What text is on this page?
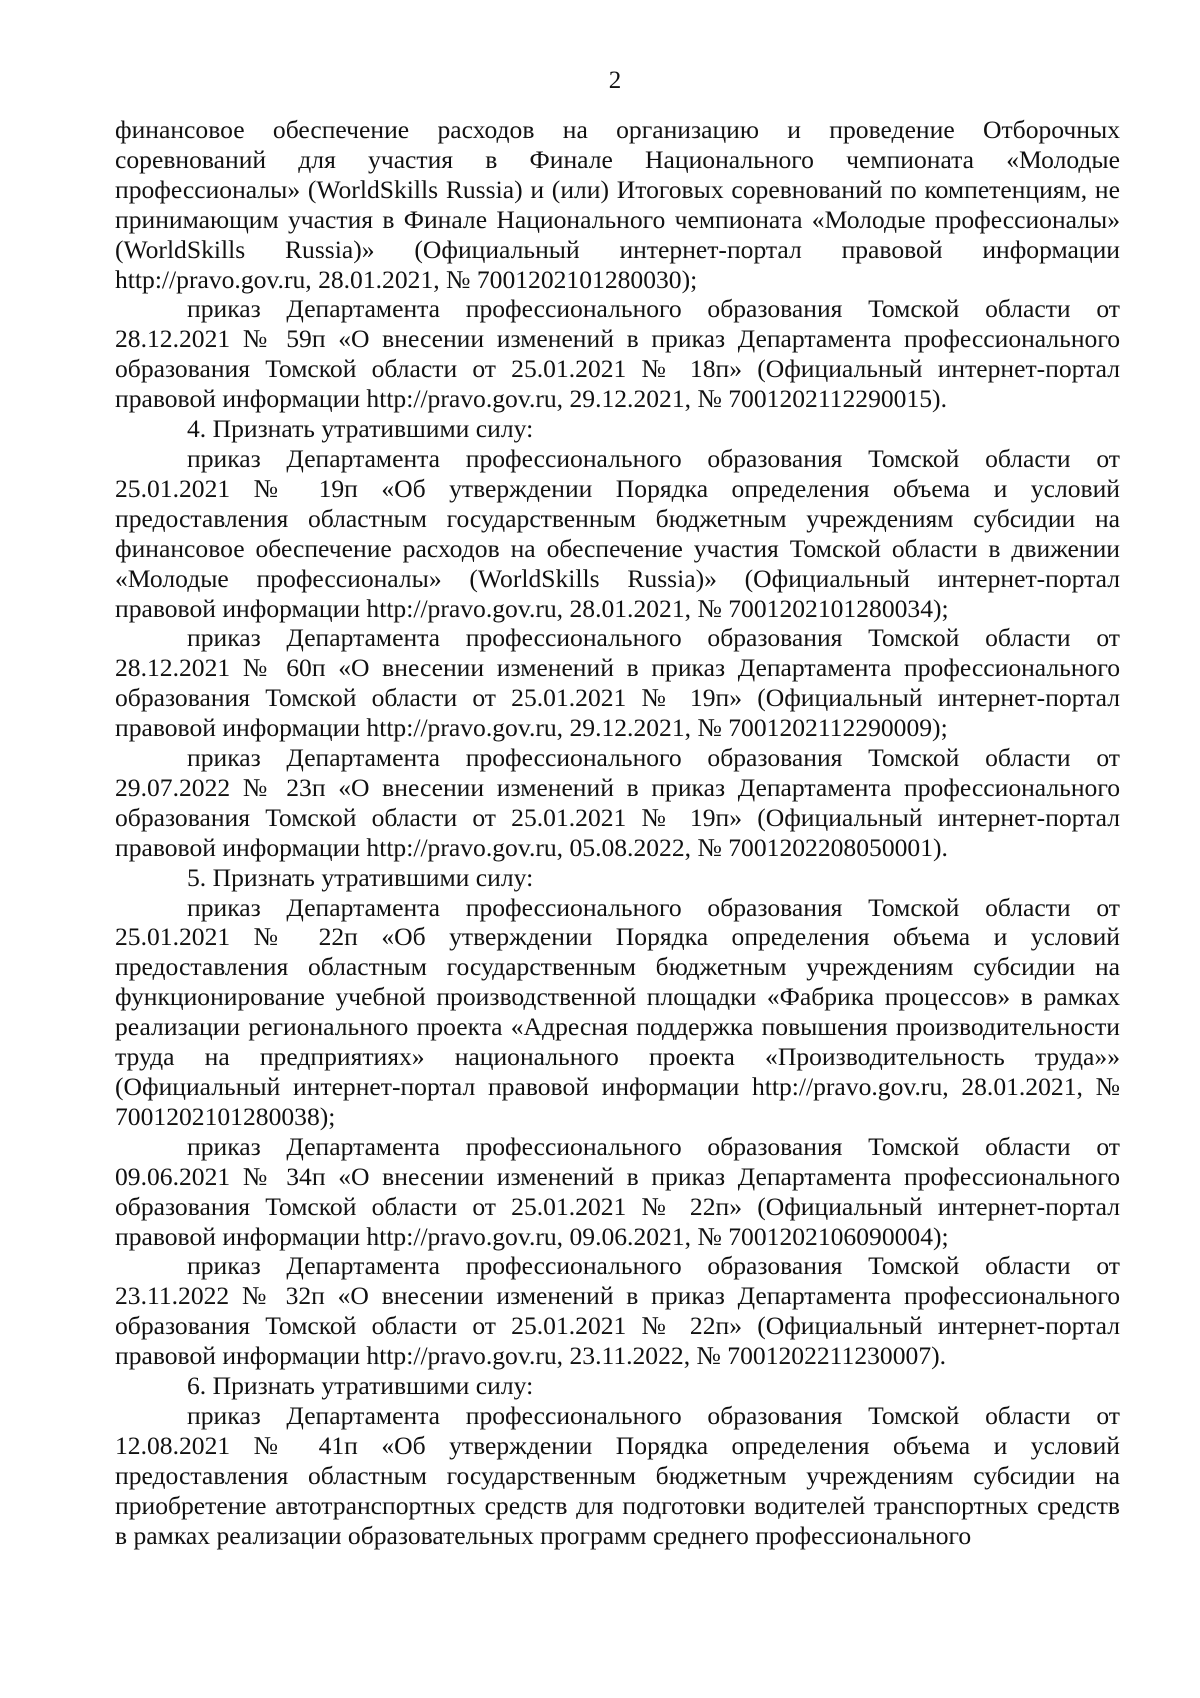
2

финансовое обеспечение расходов на организацию и проведение Отборочных соревнований для участия в Финале Национального чемпионата «Молодые профессионалы» (WorldSkills Russia) и (или) Итоговых соревнований по компетенциям, не принимающим участия в Финале Национального чемпионата «Молодые профессионалы» (WorldSkills Russia)» (Официальный интернет-портал правовой информации http://pravo.gov.ru, 28.01.2021, № 7001202101280030);

приказ Департамента профессионального образования Томской области от 28.12.2021 № 59п «О внесении изменений в приказ Департамента профессионального образования Томской области от 25.01.2021 № 18п» (Официальный интернет-портал правовой информации http://pravo.gov.ru, 29.12.2021, № 7001202112290015).

4. Признать утратившими силу:

приказ Департамента профессионального образования Томской области от 25.01.2021 № 19п «Об утверждении Порядка определения объема и условий предоставления областным государственным бюджетным учреждениям субсидии на финансовое обеспечение расходов на обеспечение участия Томской области в движении «Молодые профессионалы» (WorldSkills Russia)» (Официальный интернет-портал правовой информации http://pravo.gov.ru, 28.01.2021, № 7001202101280034);

приказ Департамента профессионального образования Томской области от 28.12.2021 № 60п «О внесении изменений в приказ Департамента профессионального образования Томской области от 25.01.2021 № 19п» (Официальный интернет-портал правовой информации http://pravo.gov.ru, 29.12.2021, № 7001202112290009);

приказ Департамента профессионального образования Томской области от 29.07.2022 № 23п «О внесении изменений в приказ Департамента профессионального образования Томской области от 25.01.2021 № 19п» (Официальный интернет-портал правовой информации http://pravo.gov.ru, 05.08.2022, № 7001202208050001).

5. Признать утратившими силу:

приказ Департамента профессионального образования Томской области от 25.01.2021 № 22п «Об утверждении Порядка определения объема и условий предоставления областным государственным бюджетным учреждениям субсидии на функционирование учебной производственной площадки «Фабрика процессов» в рамках реализации регионального проекта «Адресная поддержка повышения производительности труда на предприятиях» национального проекта «Производительность труда»» (Официальный интернет-портал правовой информации http://pravo.gov.ru, 28.01.2021, № 7001202101280038);

приказ Департамента профессионального образования Томской области от 09.06.2021 № 34п «О внесении изменений в приказ Департамента профессионального образования Томской области от 25.01.2021 № 22п» (Официальный интернет-портал правовой информации http://pravo.gov.ru, 09.06.2021, № 7001202106090004);

приказ Департамента профессионального образования Томской области от 23.11.2022 № 32п «О внесении изменений в приказ Департамента профессионального образования Томской области от 25.01.2021 № 22п» (Официальный интернет-портал правовой информации http://pravo.gov.ru, 23.11.2022, № 7001202211230007).

6. Признать утратившими силу:

приказ Департамента профессионального образования Томской области от 12.08.2021 № 41п «Об утверждении Порядка определения объема и условий предоставления областным государственным бюджетным учреждениям субсидии на приобретение автотранспортных средств для подготовки водителей транспортных средств в рамках реализации образовательных программ среднего профессионального
